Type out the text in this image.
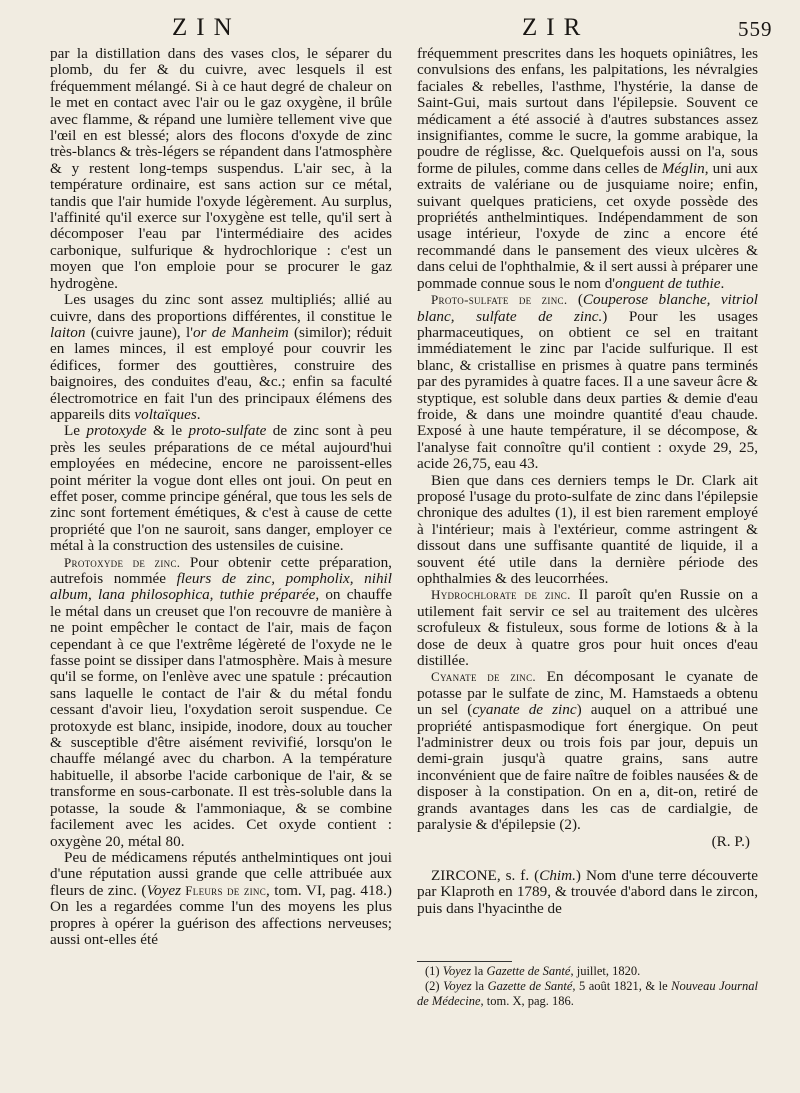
ZIN	ZIR	559

par la distillation dans des vases clos, le séparer du plomb, du fer & du cuivre, avec lesquels il est fréquemment mélangé. Si à ce haut degré de chaleur on le met en contact avec l'air ou le gaz oxygène, il brûle avec flamme, & répand une lumière tellement vive que l'œil en est blessé; alors des flocons d'oxyde de zinc très-blancs & très-légers se répandent dans l'atmosphère & y restent long-temps suspendus. L'air sec, à la température ordinaire, est sans action sur ce métal, tandis que l'air humide l'oxyde légèrement. Au surplus, l'affinité qu'il exerce sur l'oxygène est telle, qu'il sert à décomposer l'eau par l'intermédiaire des acides carbonique, sulfurique & hydrochlorique : c'est un moyen que l'on emploie pour se procurer le gaz hydrogène.

Les usages du zinc sont assez multipliés; allié au cuivre, dans des proportions différentes, il constitue le laiton (cuivre jaune), l'or de Manheim (similor); réduit en lames minces, il est employé pour couvrir les édifices, former des gouttières, construire des baignoires, des conduites d'eau, &c.; enfin sa faculté électromotrice en fait l'un des principaux élémens des appareils dits voltaïques.

Le protoxyde & le proto-sulfate de zinc sont à peu près les seules préparations de ce métal aujourd'hui employées en médecine, encore ne paroissent-elles point mériter la vogue dont elles ont joui. On peut en effet poser, comme principe général, que tous les sels de zinc sont fortement émétiques, & c'est à cause de cette propriété que l'on ne sauroit, sans danger, employer ce métal à la construction des ustensiles de cuisine.

Protoxyde de zinc. Pour obtenir cette préparation, autrefois nommée fleurs de zinc, pompholix, nihil album, lana philosophica, tuthie préparée, on chauffe le métal dans un creuset que l'on recouvre de manière à ne point empêcher le contact de l'air, mais de façon cependant à ce que l'extrême légèreté de l'oxyde ne le fasse point se dissiper dans l'atmosphère. Mais à mesure qu'il se forme, on l'enlève avec une spatule : précaution sans laquelle le contact de l'air & du métal fondu cessant d'avoir lieu, l'oxydation seroit suspendue. Ce protoxyde est blanc, insipide, inodore, doux au toucher & susceptible d'être aisément revivifié, lorsqu'on le chauffe mélangé avec du charbon. A la température habituelle, il absorbe l'acide carbonique de l'air, & se transforme en sous-carbonate. Il est très-soluble dans la potasse, la soude & l'ammoniaque, & se combine facilement avec les acides. Cet oxyde contient : oxygène 20, métal 80.

Peu de médicamens réputés anthelmintiques ont joui d'une réputation aussi grande que celle attribuée aux fleurs de zinc. (Voyez Fleurs de zinc, tom. VI, pag. 418.) On les a regardées comme l'un des moyens les plus propres à opérer la guérison des affections nerveuses; aussi ont-elles été

fréquemment prescrites dans les hoquets opiniâtres, les convulsions des enfans, les palpitations, les névralgies faciales & rebelles, l'asthme, l'hystérie, la danse de Saint-Gui, mais surtout dans l'épilepsie. Souvent ce médicament a été associé à d'autres substances assez insignifiantes, comme le sucre, la gomme arabique, la poudre de réglisse, &c. Quelquefois aussi on l'a, sous forme de pilules, comme dans celles de Méglin, uni aux extraits de valériane ou de jusquiame noire; enfin, suivant quelques praticiens, cet oxyde possède des propriétés anthelmintiques. Indépendamment de son usage intérieur, l'oxyde de zinc a encore été recommandé dans le pansement des vieux ulcères & dans celui de l'ophthalmie, & il sert aussi à préparer une pommade connue sous le nom d'onguent de tuthie.

Proto-sulfate de zinc. (Couperose blanche, vitriol blanc, sulfate de zinc.) Pour les usages pharmaceutiques, on obtient ce sel en traitant immédiatement le zinc par l'acide sulfurique. Il est blanc, & cristallise en prismes à quatre pans terminés par des pyramides à quatre faces. Il a une saveur âcre & styptique, est soluble dans deux parties & demie d'eau froide, & dans une moindre quantité d'eau chaude. Exposé à une haute température, il se décompose, & l'analyse fait connoître qu'il contient : oxyde 29, 25, acide 26,75, eau 43.

Bien que dans ces derniers temps le Dr. Clark ait proposé l'usage du proto-sulfate de zinc dans l'épilepsie chronique des adultes (1), il est bien rarement employé à l'intérieur; mais à l'extérieur, comme astringent & dissout dans une suffisante quantité de liquide, il a souvent été utile dans la dernière période des ophthalmies & des leucorrhées.

Hydrochlorate de zinc. Il paroît qu'en Russie on a utilement fait servir ce sel au traitement des ulcères scrofuleux & fistuleux, sous forme de lotions & à la dose de deux à quatre gros pour huit onces d'eau distillée.

Cyanate de zinc. En décomposant le cyanate de potasse par le sulfate de zinc, M. Hamstaeds a obtenu un sel (cyanate de zinc) auquel on a attribué une propriété antispasmodique fort énergique. On peut l'administrer deux ou trois fois par jour, depuis un demi-grain jusqu'à quatre grains, sans autre inconvénient que de faire naître de foibles nausées & de disposer à la constipation. On en a, dit-on, retiré de grands avantages dans les cas de cardialgie, de paralysie & d'épilepsie (2).

(R. P.)

ZIRCONE, s. f. (Chim.) Nom d'une terre découverte par Klaproth en 1789, & trouvée d'abord dans le zircon, puis dans l'hyacinthe de

(1) Voyez la Gazette de Santé, juillet, 1820.

(2) Voyez la Gazette de Santé, 5 août 1821, & le Nouveau Journal de Médecine, tom. X, pag. 186.
